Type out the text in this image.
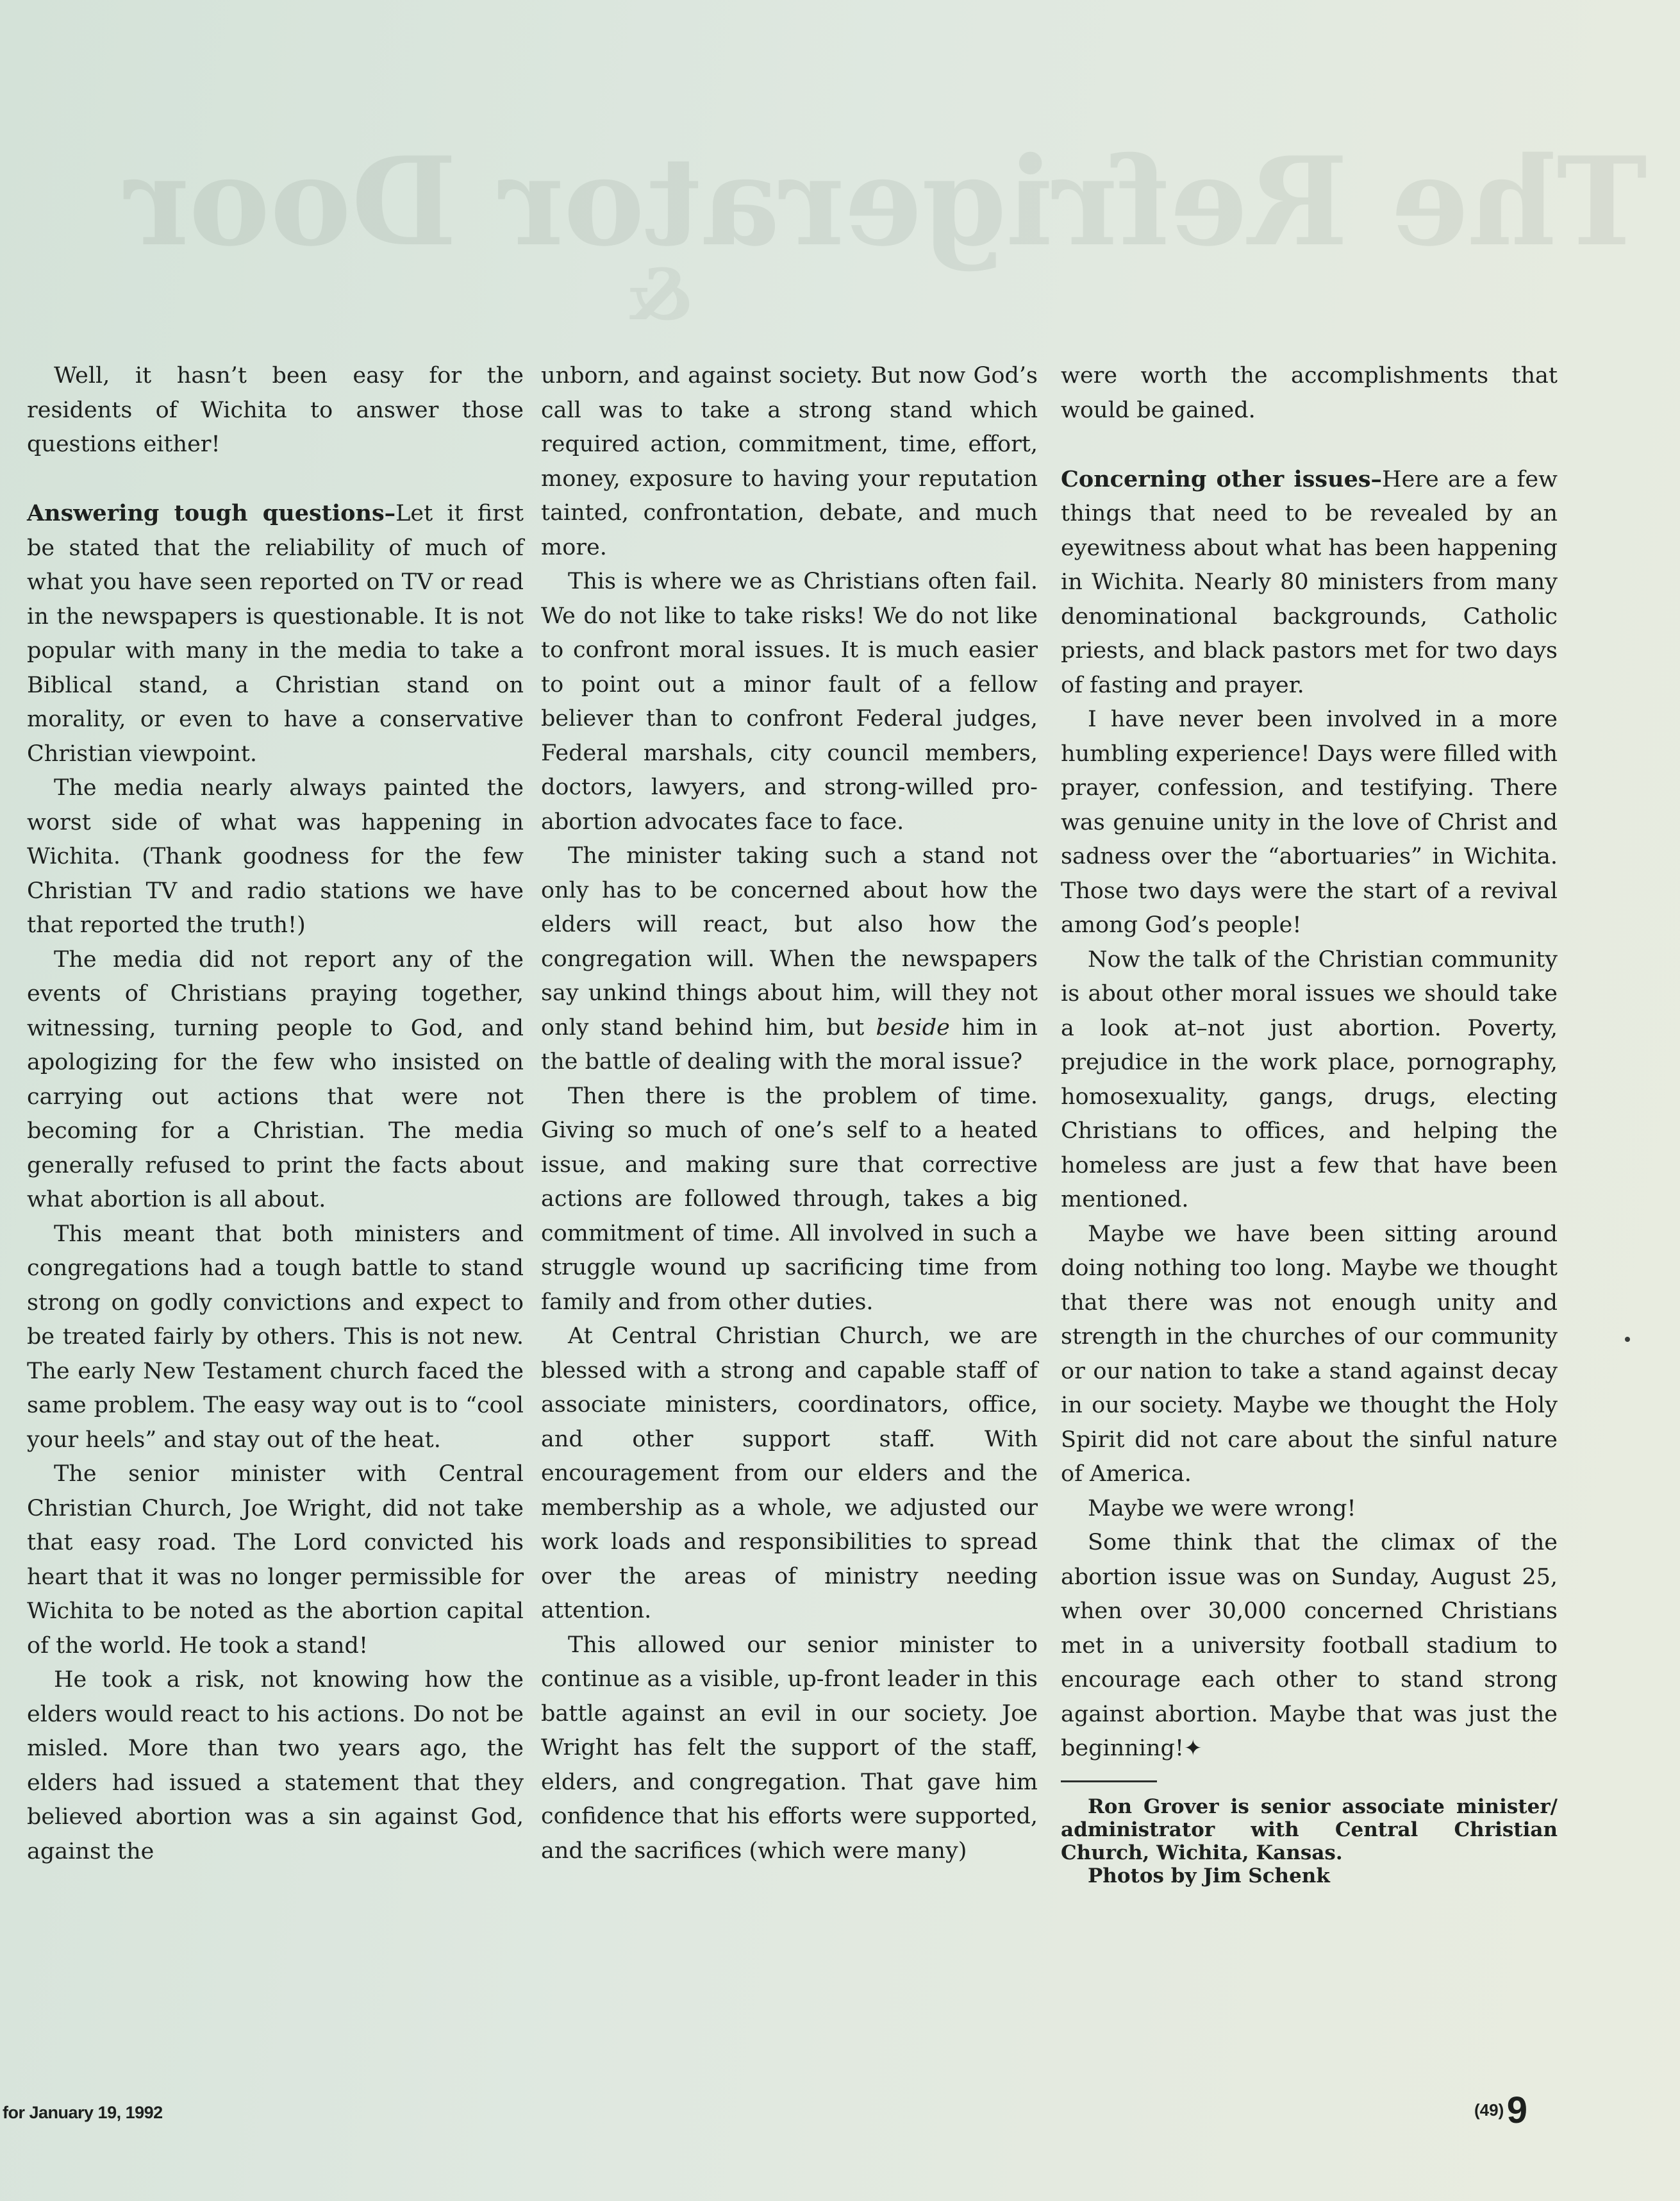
The Refrigerator Door
&

Well, it hasn’t been easy for the residents of Wichita to answer those questions either!

Answering tough questions–Let it first be stated that the reliability of much of what you have seen reported on TV or read in the newspapers is questionable. It is not popular with many in the media to take a Biblical stand, a Christian stand on morality, or even to have a conservative Christian viewpoint.

The media nearly always painted the worst side of what was happening in Wichita. (Thank goodness for the few Christian TV and radio stations we have that reported the truth!)

The media did not report any of the events of Christians praying together, witnessing, turning people to God, and apologizing for the few who insisted on carrying out actions that were not becoming for a Christian. The media generally refused to print the facts about what abortion is all about.

This meant that both ministers and congregations had a tough battle to stand strong on godly convictions and expect to be treated fairly by others. This is not new. The early New Testament church faced the same problem. The easy way out is to “cool your heels” and stay out of the heat.

The senior minister with Central Christian Church, Joe Wright, did not take that easy road. The Lord convicted his heart that it was no longer permissible for Wichita to be noted as the abortion capital of the world. He took a stand!

He took a risk, not knowing how the elders would react to his actions. Do not be misled. More than two years ago, the elders had issued a statement that they believed abortion was a sin against God, against the

unborn, and against society. But now God’s call was to take a strong stand which required action, commitment, time, effort, money, exposure to having your reputation tainted, confrontation, debate, and much more.

This is where we as Christians often fail. We do not like to take risks! We do not like to confront moral issues. It is much easier to point out a minor fault of a fellow believer than to confront Federal judges, Federal marshals, city council members, doctors, lawyers, and strong-willed pro-abortion advocates face to face.

The minister taking such a stand not only has to be concerned about how the elders will react, but also how the congregation will. When the newspapers say unkind things about him, will they not only stand behind him, but beside him in the battle of dealing with the moral issue?

Then there is the problem of time. Giving so much of one’s self to a heated issue, and making sure that corrective actions are followed through, takes a big commitment of time. All involved in such a struggle wound up sacrificing time from family and from other duties.

At Central Christian Church, we are blessed with a strong and capable staff of associate ministers, coordinators, office, and other support staff. With encouragement from our elders and the membership as a whole, we adjusted our work loads and responsibilities to spread over the areas of ministry needing attention.

This allowed our senior minister to continue as a visible, up-front leader in this battle against an evil in our society. Joe Wright has felt the support of the staff, elders, and congregation. That gave him confidence that his efforts were supported, and the sacrifices (which were many)

were worth the accomplishments that would be gained.

Concerning other issues–Here are a few things that need to be revealed by an eyewitness about what has been happening in Wichita. Nearly 80 ministers from many denominational backgrounds, Catholic priests, and black pastors met for two days of fasting and prayer.

I have never been involved in a more humbling experience! Days were filled with prayer, confession, and testifying. There was genuine unity in the love of Christ and sadness over the “abortuaries” in Wichita. Those two days were the start of a revival among God’s people!

Now the talk of the Christian community is about other moral issues we should take a look at–not just abortion. Poverty, prejudice in the work place, pornography, homosexuality, gangs, drugs, electing Christians to offices, and helping the homeless are just a few that have been mentioned.

Maybe we have been sitting around doing nothing too long. Maybe we thought that there was not enough unity and strength in the churches of our community or our nation to take a stand against decay in our society. Maybe we thought the Holy Spirit did not care about the sinful nature of America.

Maybe we were wrong!

Some think that the climax of the abortion issue was on Sunday, August 25, when over 30,000 concerned Christians met in a university football stadium to encourage each other to stand strong against abortion. Maybe that was just the beginning!✦

Ron Grover is senior associate minister/ administrator with Central Christian Church, Wichita, Kansas.

Photos by Jim Schenk

for January 19, 1992	(49) 9
